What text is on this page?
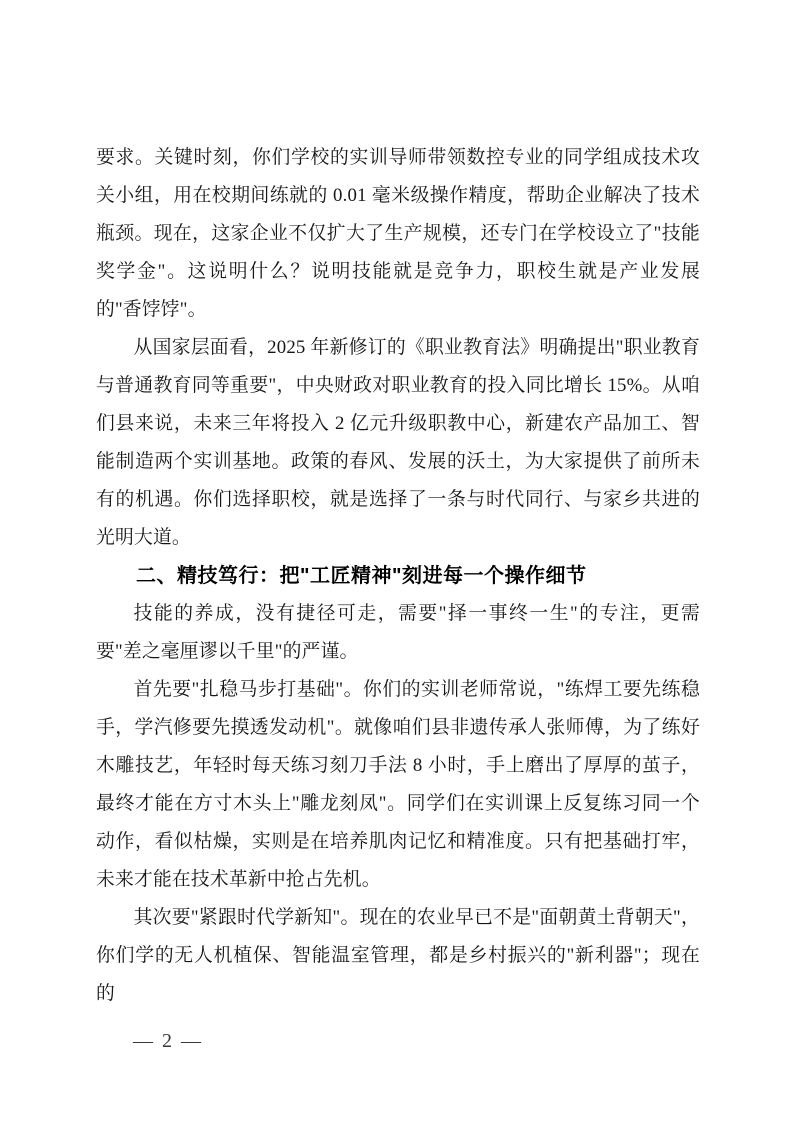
要求。关键时刻，你们学校的实训导师带领数控专业的同学组成技术攻关小组，用在校期间练就的 0.01 毫米级操作精度，帮助企业解决了技术瓶颈。现在，这家企业不仅扩大了生产规模，还专门在学校设立了"技能奖学金"。这说明什么？说明技能就是竞争力，职校生就是产业发展的"香饽饽"。

从国家层面看，2025 年新修订的《职业教育法》明确提出"职业教育与普通教育同等重要"，中央财政对职业教育的投入同比增长 15%。从咱们县来说，未来三年将投入 2 亿元升级职教中心，新建农产品加工、智能制造两个实训基地。政策的春风、发展的沃土，为大家提供了前所未有的机遇。你们选择职校，就是选择了一条与时代同行、与家乡共进的光明大道。

二、精技笃行：把"工匠精神"刻进每一个操作细节

技能的养成，没有捷径可走，需要"择一事终一生"的专注，更需要"差之毫厘谬以千里"的严谨。

首先要"扎稳马步打基础"。你们的实训老师常说，"练焊工要先练稳手，学汽修要先摸透发动机"。就像咱们县非遗传承人张师傅，为了练好木雕技艺，年轻时每天练习刻刀手法 8 小时，手上磨出了厚厚的茧子，最终才能在方寸木头上"雕龙刻凤"。同学们在实训课上反复练习同一个动作，看似枯燥，实则是在培养肌肉记忆和精准度。只有把基础打牢，未来才能在技术革新中抢占先机。

其次要"紧跟时代学新知"。现在的农业早已不是"面朝黄土背朝天"，你们学的无人机植保、智能温室管理，都是乡村振兴的"新利器"；现在的

— 2 —
